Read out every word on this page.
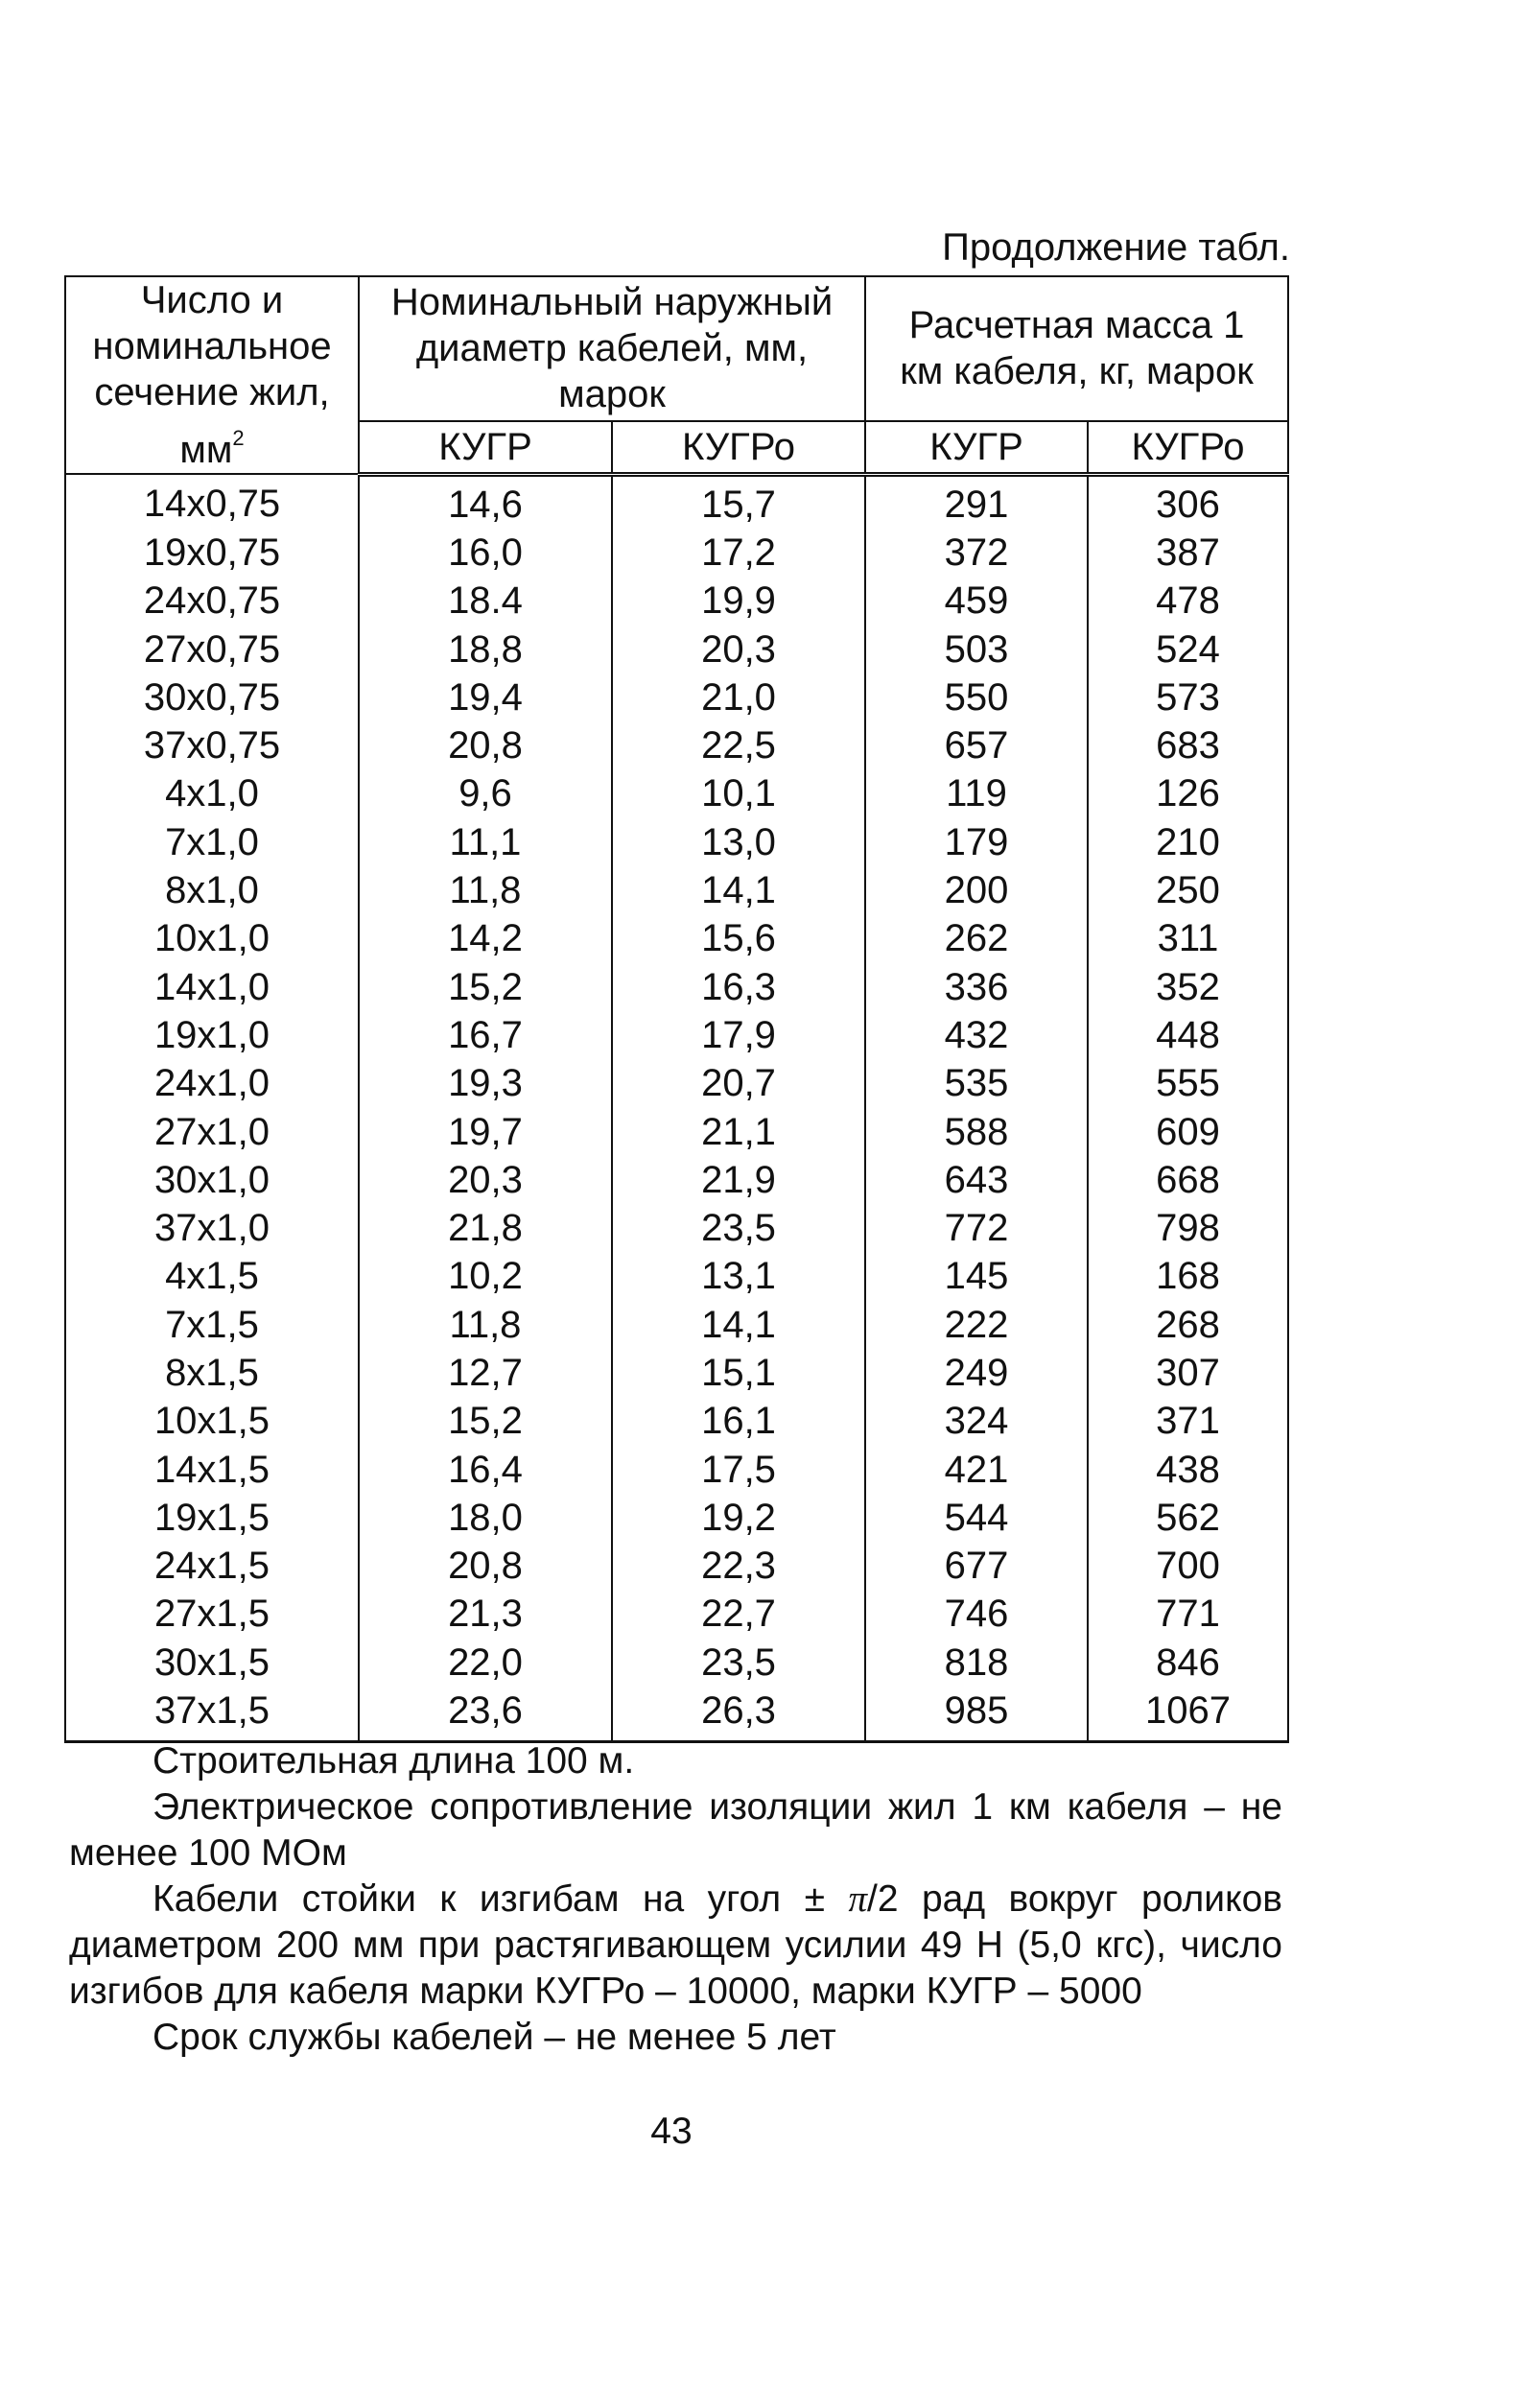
Продолжение табл.
Число и номинальное сечение жил, $мм^2$	Номинальный наружный диаметр кабелей, мм, марок		Расчетная масса 1 км кабеля, кг, марок	
	КУГР	КУГРо	КУГР	КУГРо
14x0,75	14,6	15,7	291	306
19x0,75	16,0	17,2	372	387
24x0,75	18.4	19,9	459	478
27x0,75	18,8	20,3	503	524
30x0,75	19,4	21,0	550	573
37x0,75	20,8	22,5	657	683
4x1,0	9,6	10,1	119	126
7x1,0	11,1	13,0	179	210
8x1,0	11,8	14,1	200	250
10x1,0	14,2	15,6	262	311
14x1,0	15,2	16,3	336	352
19x1,0	16,7	17,9	432	448
24x1,0	19,3	20,7	535	555
27x1,0	19,7	21,1	588	609
30x1,0	20,3	21,9	643	668
37x1,0	21,8	23,5	772	798
4x1,5	10,2	13,1	145	168
7x1,5	11,8	14,1	222	268
8x1,5	12,7	15,1	249	307
10x1,5	15,2	16,1	324	371
14x1,5	16,4	17,5	421	438
19x1,5	18,0	19,2	544	562
24x1,5	20,8	22,3	677	700
27x1,5	21,3	22,7	746	771
30x1,5	22,0	23,5	818	846
37x1,5	23,6	26,3	985	1067

Строительная длина 100 м.

Электрическое сопротивление изоляции жил 1 км кабеля – не менее 100 МОм

Кабели стойки к изгибам на угол ± π/2 рад вокруг роликов диаметром 200 мм при растягивающем усилии 49 Н (5,0 кгс), число изгибов для кабеля марки КУГРо – 10000, марки КУГР – 5000

Срок службы кабелей – не менее 5 лет

43
